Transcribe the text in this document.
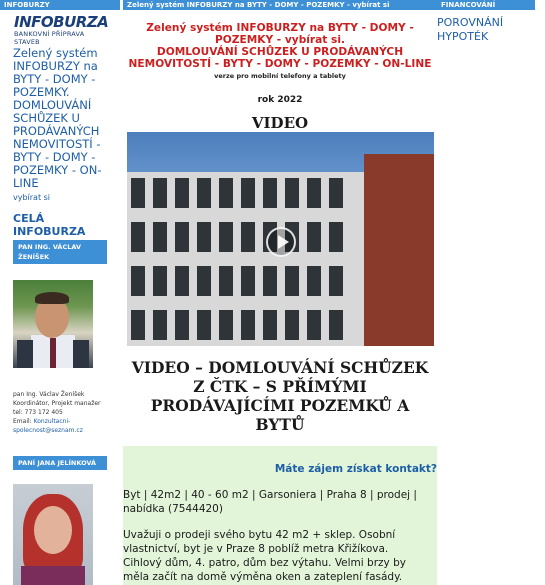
INFOBURZY
INFOBURZA
BANKOVNÍ PŘÍPRAVA STAVEB
Zelený systém INFOBURZY na BYTY - DOMY - POZEMKY. DOMLOUVÁNÍ SCHŮZEK U PRODÁVANÝCH NEMOVITOSTÍ - BYTY - DOMY - POZEMKY - ON-LINE
vybírat si
CELÁ INFOBURZA
PAN ING. VÁCLAV ŽENÍŠEK
pan Ing. Václav Ženíšek
Koordinátor, Projekt manažer
tel: 773 172 405
Email: Konzultacni-spolecnost@seznam.cz
PANÍ JANA JELÍNKOVÁ
Zelený systém INFOBURZY na BYTY - DOMY - POZEMKY - vybírat si
Zelený systém INFOBURZY na BYTY - DOMY - POZEMKY - vybírat si.
DOMLOUVÁNÍ SCHŮZEK U PRODÁVANÝCH NEMOVITOSTÍ - BYTY - DOMY - POZEMKY - ON-LINE
verze pro mobilní telefony a tablety
rok 2022
VIDEO
VIDEO – DOMLOUVÁNÍ SCHŮZEK Z ČTK – S PŘÍMÝMI PRODÁVAJÍCÍMI POZEMKŮ A BYTŮ
Máte zájem získat kontakt?
Byt | 42m2 | 40 - 60 m2 | Garsoniera | Praha 8 | prodej | nabídka (7544420)
Uvažuji o prodeji svého bytu 42 m2 + sklep. Osobní vlastnictví, byt je v Praze 8 poblíž metra Křižíkova. Cihlový dům, 4. patro, dům bez výtahu. Velmi brzy by měla začít na domě výměna oken a zateplení fasády.
FINANCOVÁNÍ
POROVNÁNÍ HYPOTÉK
